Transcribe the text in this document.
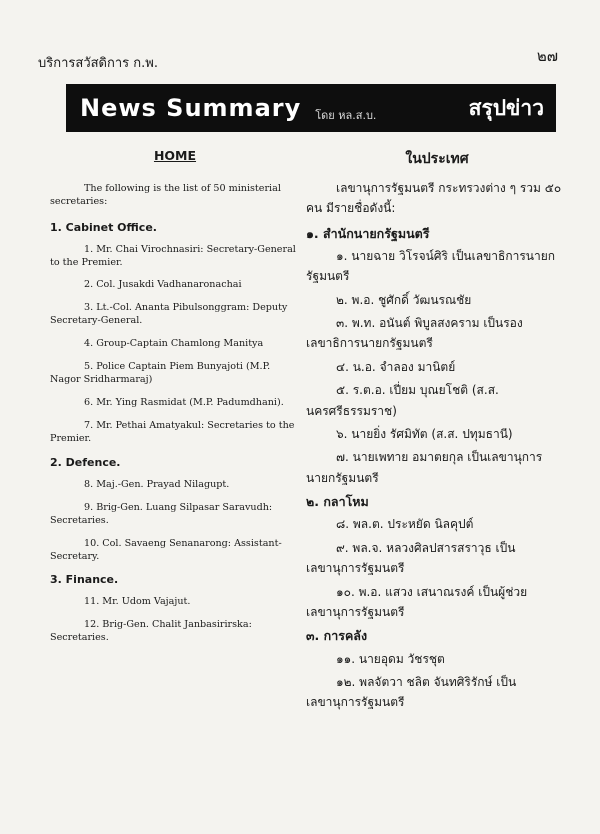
บริการสวัสดิการ ก.พ.	๒๗
News Summary โดย หล.ส.บ.	สรุปข่าว
HOME

The following is the list of 50 ministerial secretaries:

1. Cabinet Office.

1. Mr. Chai Virochnasiri: Secretary-General to the Premier.

2. Col. Jusakdi Vadhanaronachai

3. Lt.-Col. Ananta Pibulsonggram: Deputy Secretary-General.

4. Group-Captain Chamlong Manitya

5. Police Captain Piem Bunyajoti (M.P. Nagor Sridharmaraj)

6. Mr. Ying Rasmidat (M.P. Padumdhani).

7. Mr. Pethai Amatyakul: Secretaries to the Premier.

2. Defence.

8. Maj.-Gen. Prayad Nilagupt.

9. Brig-Gen. Luang Silpasar Saravudh: Secretaries.

10. Col. Savaeng Senanarong: Assistant-Secretary.

3. Finance.

11. Mr. Udom Vajajut.

12. Brig-Gen. Chalit Janbasirirska: Secretaries.

ในประเทศ

เลขานุการรัฐมนตรี กระทรวงต่าง ๆ รวม ๕๐ คน มีรายชื่อดังนี้:

๑. สำนักนายกรัฐมนตรี

๑. นายฉาย วิโรจน์ศิริ เป็นเลขาธิการนายกรัฐมนตรี

๒. พ.อ. ชูศักดิ์ วัฒนรณชัย

๓. พ.ท. อนันต์ พิบูลสงคราม เป็นรองเลขาธิการนายกรัฐมนตรี

๔. น.อ. จำลอง มานิตย์

๕. ร.ต.อ. เปี่ยม บุณยโชติ (ส.ส. นครศรีธรรมราช)

๖. นายยิ่ง รัศมิทัต (ส.ส. ปทุมธานี)

๗. นายเพทาย อมาตยกุล เป็นเลขานุการนายกรัฐมนตรี

๒. กลาโหม

๘. พล.ต. ประหยัด นิลคุปต์

๙. พล.จ. หลวงศิลปสารสราวุธ เป็นเลขานุการรัฐมนตรี

๑๐. พ.อ. แสวง เสนาณรงค์ เป็นผู้ช่วยเลขานุการรัฐมนตรี

๓. การคลัง

๑๑. นายอุดม วัชรชุต

๑๒. พลจัตวา ชลิต จันทศิริรักษ์ เป็นเลขานุการรัฐมนตรี
